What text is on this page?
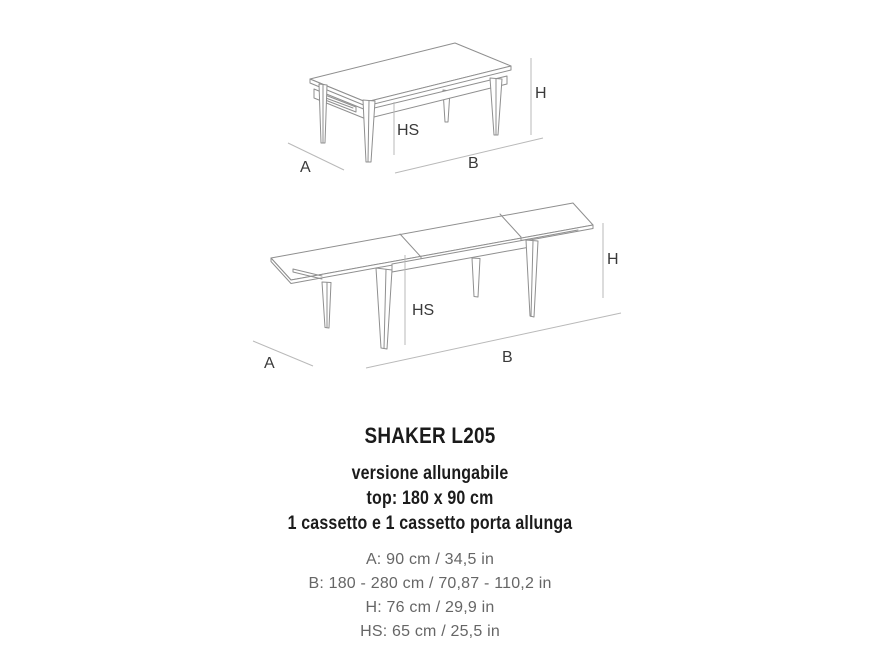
A	B
H
HS
A	B
H
HS
SHAKER L205
versione allungabile
top: 180 x 90 cm
1 cassetto e 1 cassetto porta allunga
A: 90 cm / 34,5 in
B: 180 - 280 cm / 70,87 - 110,2 in
H: 76 cm / 29,9 in
HS: 65 cm / 25,5 in
